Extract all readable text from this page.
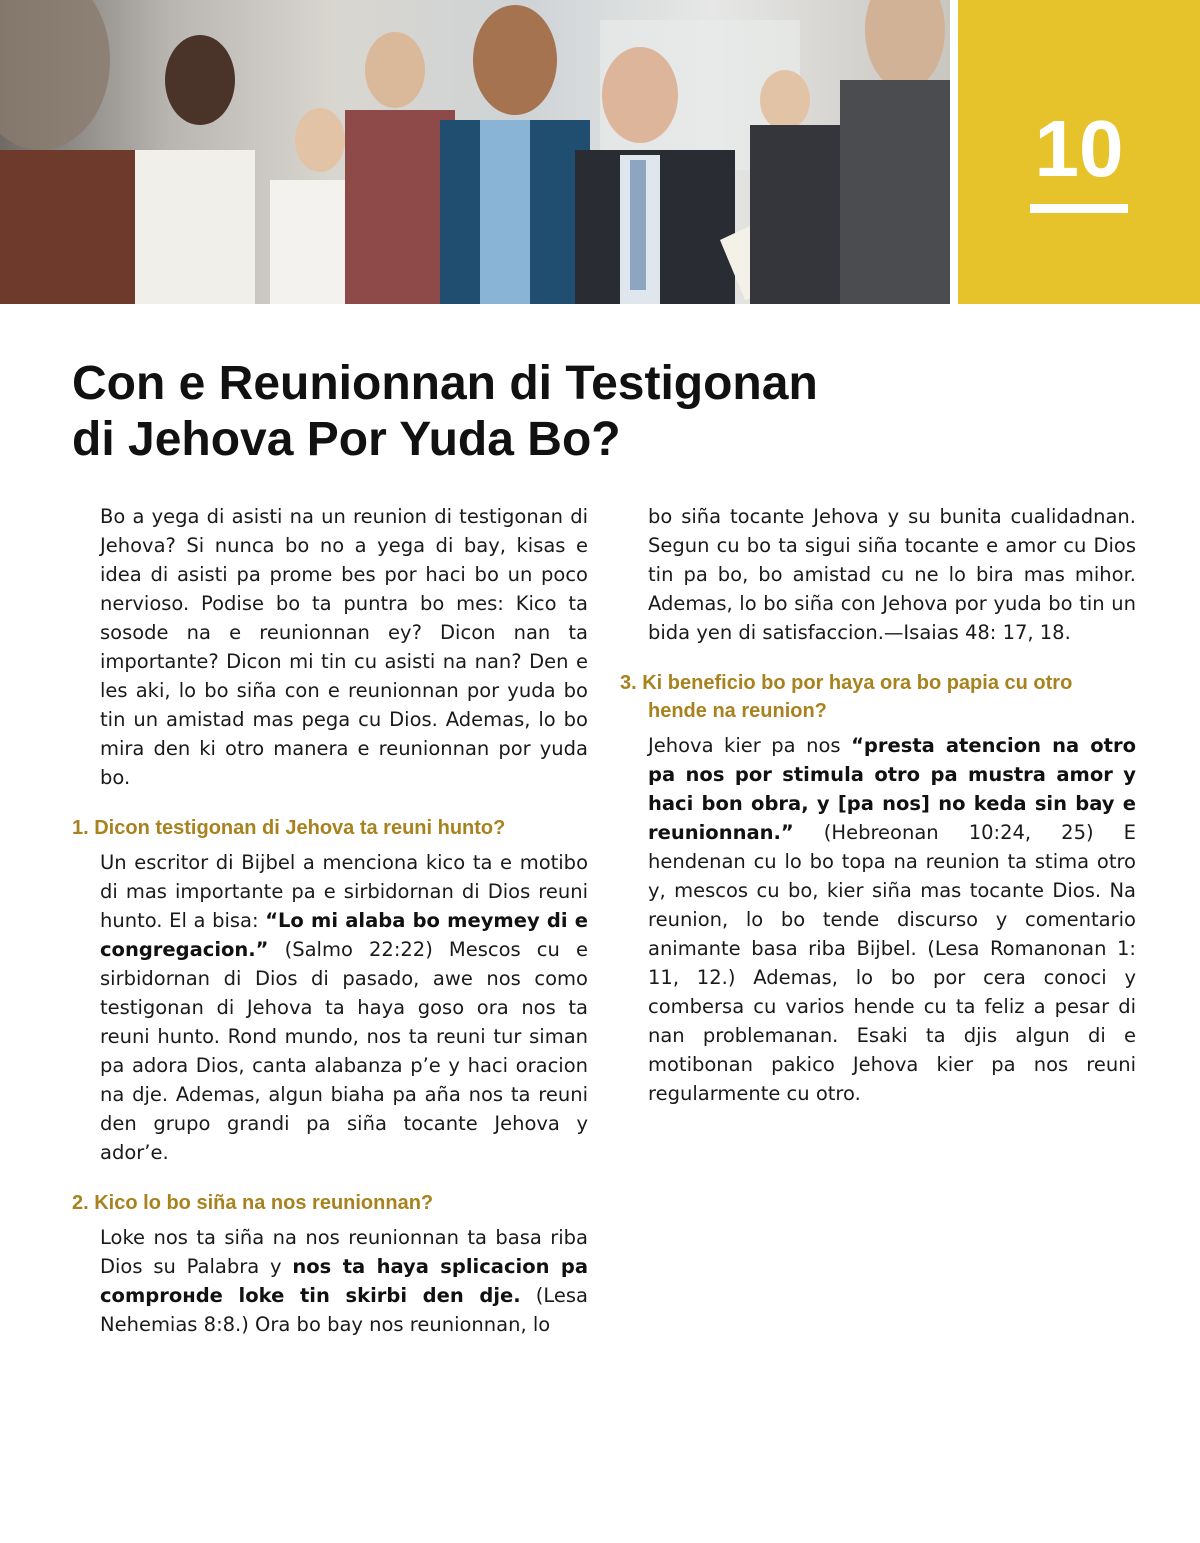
10
Con e Reunionnan di Testigonan
di Jehova Por Yuda Bo?

Bo a yega di asisti na un reunion di testigonan di Jehova? Si nunca bo no a yega di bay, kisas e idea di asisti pa prome bes por haci bo un poco nervioso. Podise bo ta puntra bo mes: Kico ta sosode na e reunionnan ey? Dicon nan ta importante? Dicon mi tin cu asisti na nan? Den e les aki, lo bo siña con e reunionnan por yuda bo tin un amistad mas pega cu Dios. Ademas, lo bo mira den ki otro manera e reunionnan por yuda bo.

1. Dicon testigonan di Jehova ta reuni hunto?

Un escritor di Bijbel a menciona kico ta e motibo di mas importante pa e sirbidornan di Dios reuni hunto. El a bisa: “Lo mi alaba bo meymey di e congregacion.” (Salmo 22:22) Mescos cu e sirbidornan di Dios di pasado, awe nos como testigonan di Jehova ta haya goso ora nos ta reuni hunto. Rond mundo, nos ta reuni tur siman pa adora Dios, canta alabanza p’e y haci oracion na dje. Ademas, algun biaha pa aña nos ta reuni den grupo grandi pa siña tocante Jehova y ador’e.

2. Kico lo bo siña na nos reunionnan?

Loke nos ta siña na nos reunionnan ta basa riba Dios su Palabra y nos ta haya splicacion pa comprонde loke tin skirbi den dje. (Lesa Nehemias 8:8.) Ora bo bay nos reunionnan, lo

bo siña tocante Jehova y su bunita cualidadnan. Segun cu bo ta sigui siña tocante e amor cu Dios tin pa bo, bo amistad cu ne lo bira mas mihor. Ademas, lo bo siña con Jehova por yuda bo tin un bida yen di satisfaccion.—Isaias 48: 17, 18.

3. Ki beneficio bo por haya ora bo papia cu otro hende na reunion?

Jehova kier pa nos “presta atencion na otro pa nos por stimula otro pa mustra amor y haci bon obra, y [pa nos] no keda sin bay e reunionnan.” (Hebreonan 10:24, 25) E hendenan cu lo bo topa na reunion ta stima otro y, mescos cu bo, kier siña mas tocante Dios. Na reunion, lo bo tende discurso y comentario animante basa riba Bijbel. (Lesa Romanonan 1: 11, 12.) Ademas, lo bo por cera conoci y combersa cu varios hende cu ta feliz a pesar di nan problemanan. Esaki ta djis algun di e motibonan pakico Jehova kier pa nos reuni regularmente cu otro.
